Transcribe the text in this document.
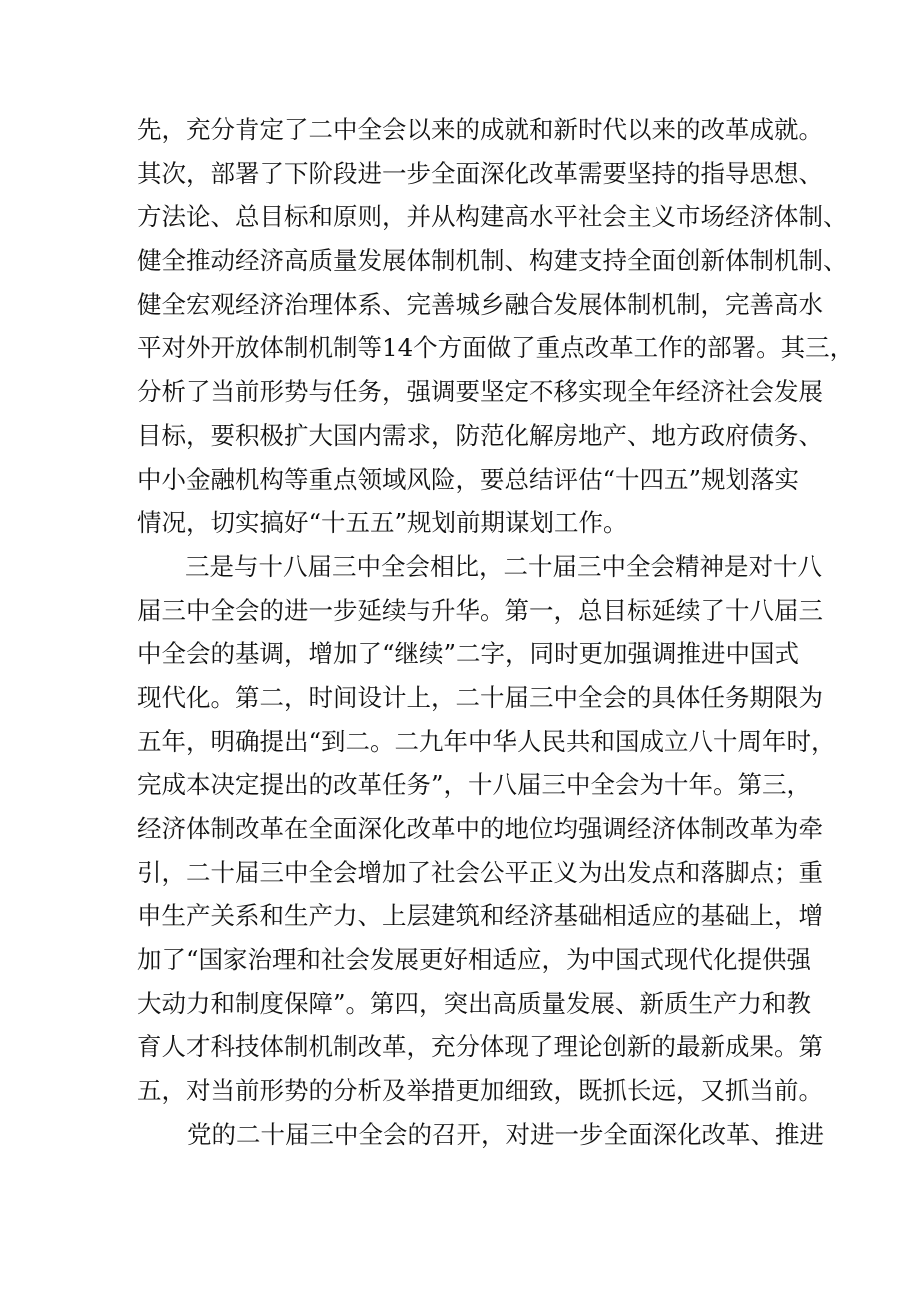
先，充分肯定了二中全会以来的成就和新时代以来的改革成就。
其次，部署了下阶段进一步全面深化改革需要坚持的指导思想、
方法论、总目标和原则，并从构建高水平社会主义市场经济体制、
健全推动经济高质量发展体制机制、构建支持全面创新体制机制、
健全宏观经济治理体系、完善城乡融合发展体制机制，完善高水
平对外开放体制机制等14个方面做了重点改革工作的部署。其三，
分析了当前形势与任务，强调要坚定不移实现全年经济社会发展
目标，要积极扩大国内需求，防范化解房地产、地方政府债务、
中小金融机构等重点领域风险，要总结评估“十四五”规划落实
情况，切实搞好“十五五”规划前期谋划工作。
三是与十八届三中全会相比，二十届三中全会精神是对十八
届三中全会的进一步延续与升华。第一，总目标延续了十八届三
中全会的基调，增加了“继续”二字，同时更加强调推进中国式
现代化。第二，时间设计上，二十届三中全会的具体任务期限为
五年，明确提出“到二。二九年中华人民共和国成立八十周年时，
完成本决定提出的改革任务”，十八届三中全会为十年。第三，
经济体制改革在全面深化改革中的地位均强调经济体制改革为牵
引，二十届三中全会增加了社会公平正义为出发点和落脚点；重
申生产关系和生产力、上层建筑和经济基础相适应的基础上，增
加了“国家治理和社会发展更好相适应，为中国式现代化提供强
大动力和制度保障”。第四，突出高质量发展、新质生产力和教
育人才科技体制机制改革，充分体现了理论创新的最新成果。第
五，对当前形势的分析及举措更加细致，既抓长远，又抓当前。
党的二十届三中全会的召开，对进一步全面深化改革、推进
